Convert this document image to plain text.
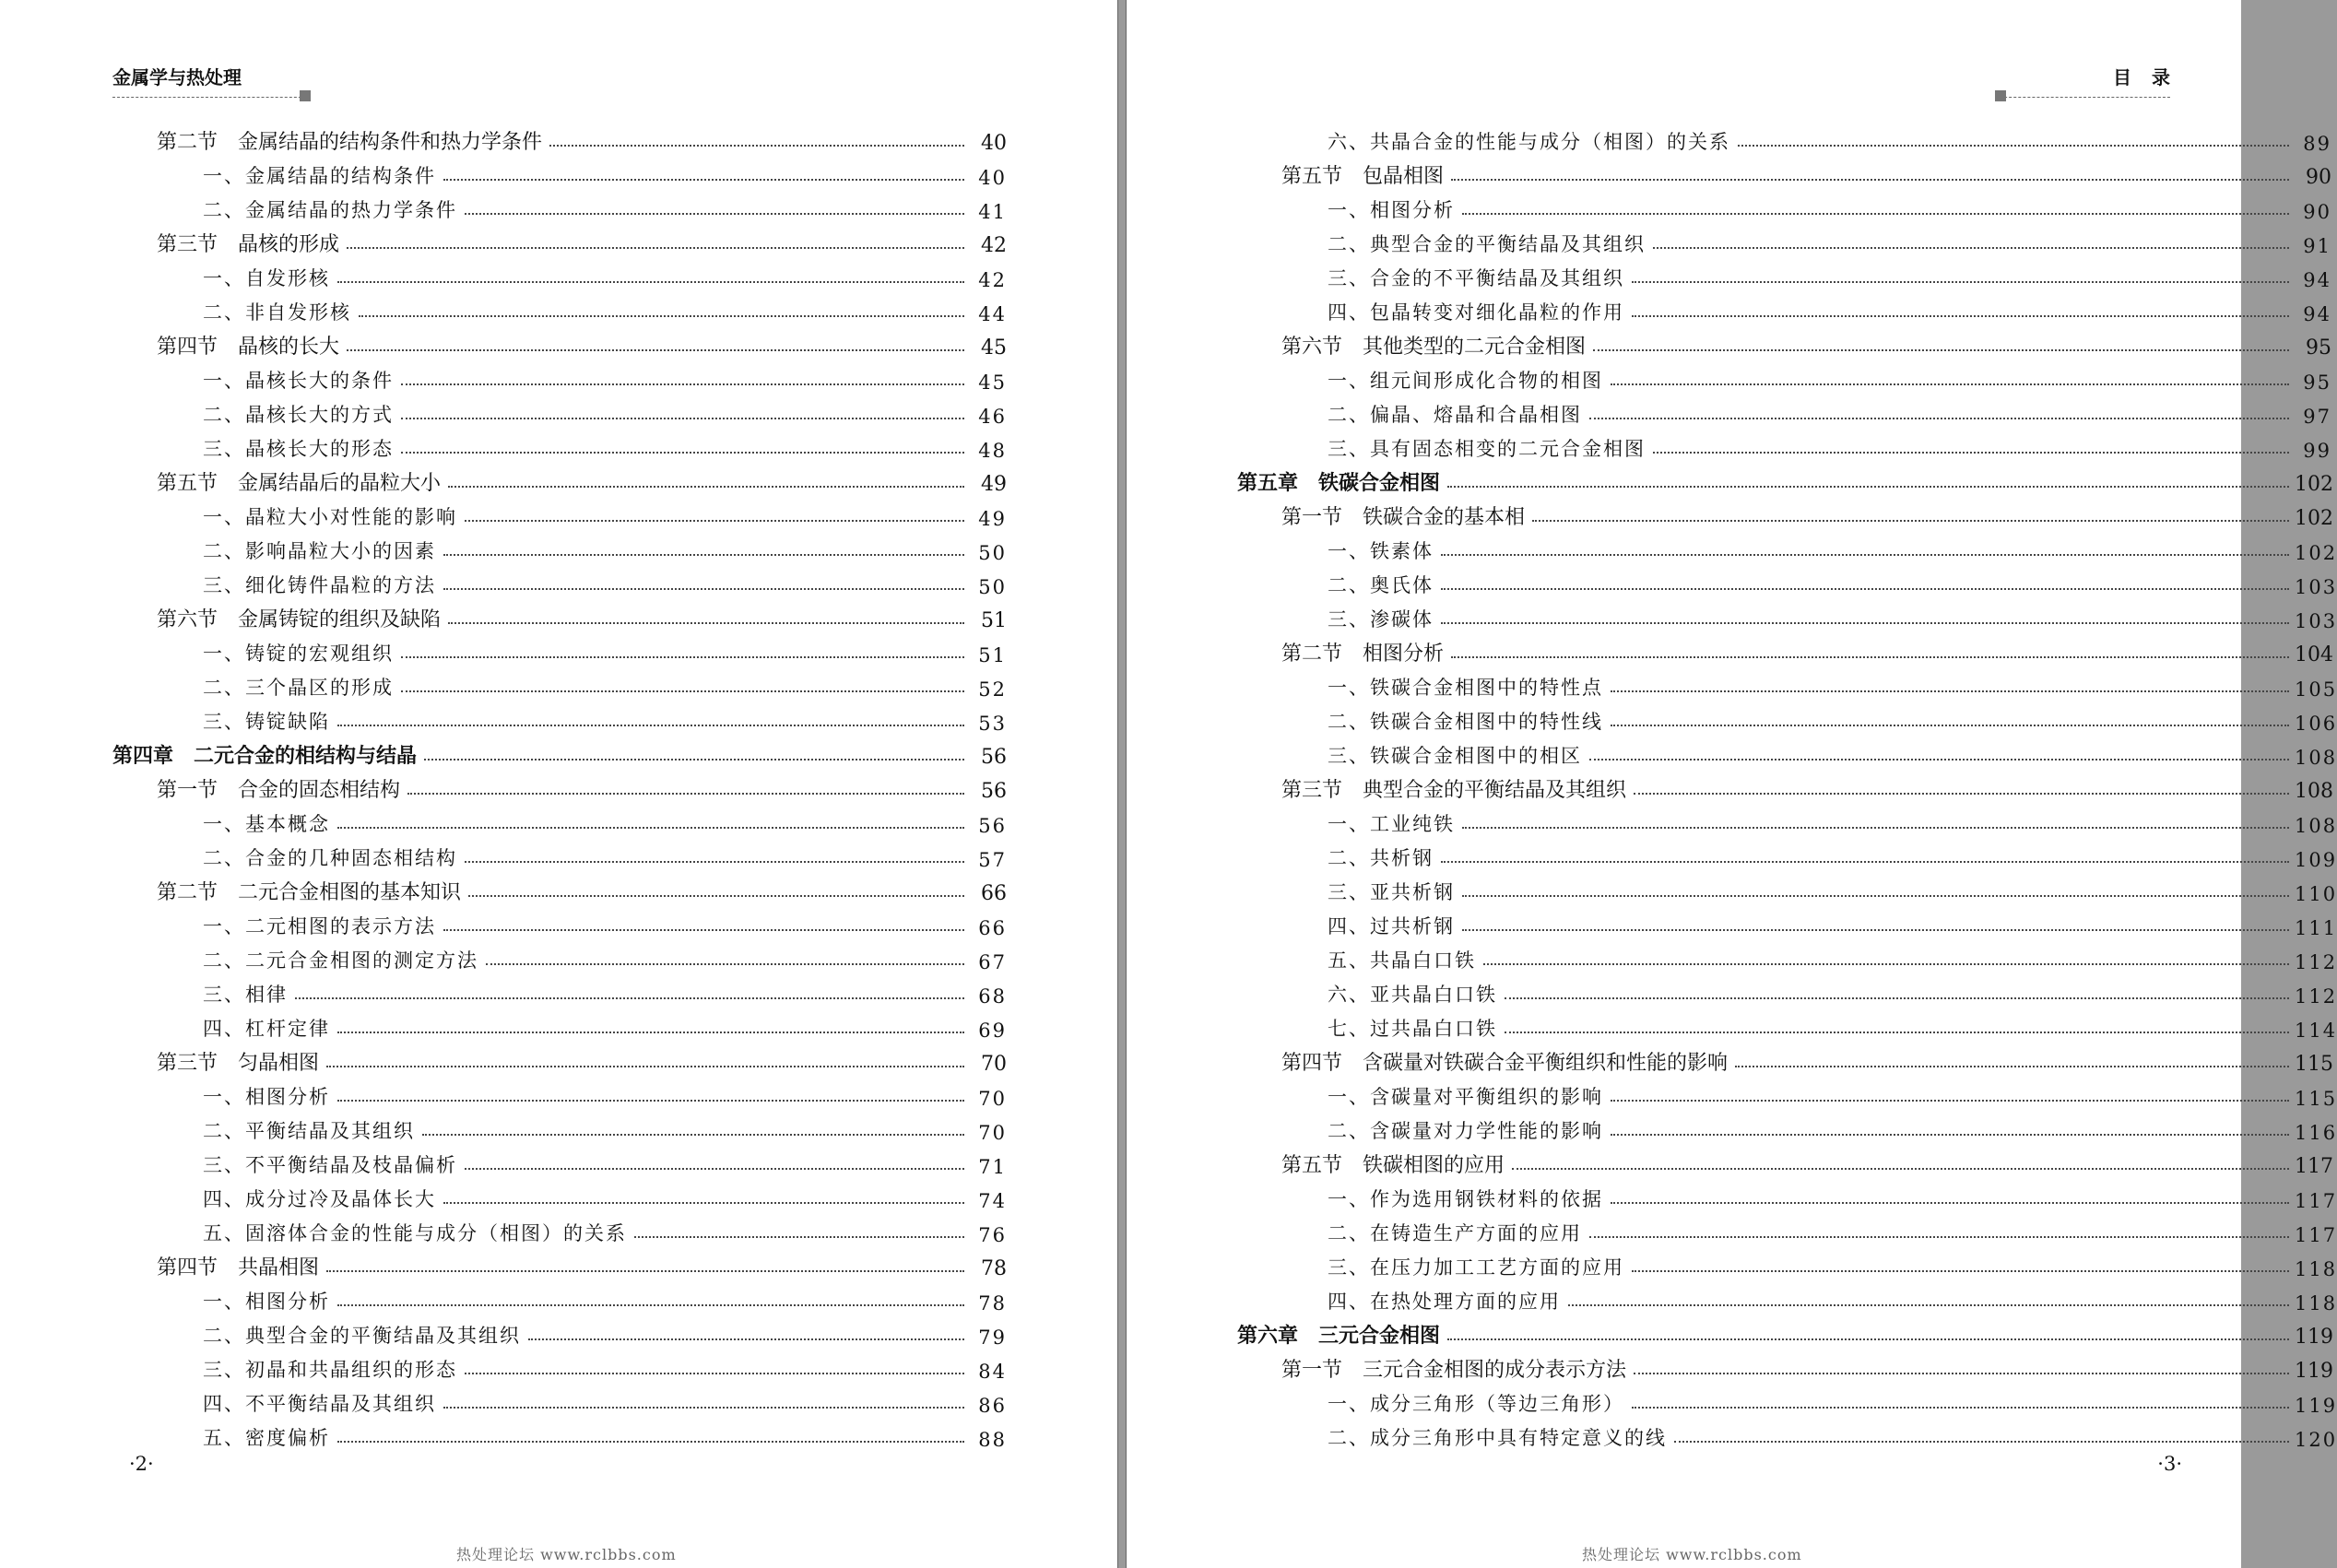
金属学与热处理
第二节　金属结晶的结构条件和热力学条件	40
一、金属结晶的结构条件	40
二、金属结晶的热力学条件	41
第三节　晶核的形成	42
一、自发形核	42
二、非自发形核	44
第四节　晶核的长大	45
一、晶核长大的条件	45
二、晶核长大的方式	46
三、晶核长大的形态	48
第五节　金属结晶后的晶粒大小	49
一、晶粒大小对性能的影响	49
二、影响晶粒大小的因素	50
三、细化铸件晶粒的方法	50
第六节　金属铸锭的组织及缺陷	51
一、铸锭的宏观组织	51
二、三个晶区的形成	52
三、铸锭缺陷	53
第四章　二元合金的相结构与结晶	56
第一节　合金的固态相结构	56
一、基本概念	56
二、合金的几种固态相结构	57
第二节　二元合金相图的基本知识	66
一、二元相图的表示方法	66
二、二元合金相图的测定方法	67
三、相律	68
四、杠杆定律	69
第三节　匀晶相图	70
一、相图分析	70
二、平衡结晶及其组织	70
三、不平衡结晶及枝晶偏析	71
四、成分过冷及晶体长大	74
五、固溶体合金的性能与成分（相图）的关系	76
第四节　共晶相图	78
一、相图分析	78
二、典型合金的平衡结晶及其组织	79
三、初晶和共晶组织的形态	84
四、不平衡结晶及其组织	86
五、密度偏析	88
·2·
热处理论坛 www.rclbbs.com
目录
六、共晶合金的性能与成分（相图）的关系	89
第五节　包晶相图	90
一、相图分析	90
二、典型合金的平衡结晶及其组织	91
三、合金的不平衡结晶及其组织	94
四、包晶转变对细化晶粒的作用	94
第六节　其他类型的二元合金相图	95
一、组元间形成化合物的相图	95
二、偏晶、熔晶和合晶相图	97
三、具有固态相变的二元合金相图	99
第五章　铁碳合金相图	102
第一节　铁碳合金的基本相	102
一、铁素体	102
二、奥氏体	103
三、渗碳体	103
第二节　相图分析	104
一、铁碳合金相图中的特性点	105
二、铁碳合金相图中的特性线	106
三、铁碳合金相图中的相区	108
第三节　典型合金的平衡结晶及其组织	108
一、工业纯铁	108
二、共析钢	109
三、亚共析钢	110
四、过共析钢	111
五、共晶白口铁	112
六、亚共晶白口铁	112
七、过共晶白口铁	114
第四节　含碳量对铁碳合金平衡组织和性能的影响	115
一、含碳量对平衡组织的影响	115
二、含碳量对力学性能的影响	116
第五节　铁碳相图的应用	117
一、作为选用钢铁材料的依据	117
二、在铸造生产方面的应用	117
三、在压力加工工艺方面的应用	118
四、在热处理方面的应用	118
第六章　三元合金相图	119
第一节　三元合金相图的成分表示方法	119
一、成分三角形（等边三角形）	119
二、成分三角形中具有特定意义的线	120
·3·
热处理论坛 www.rclbbs.com
